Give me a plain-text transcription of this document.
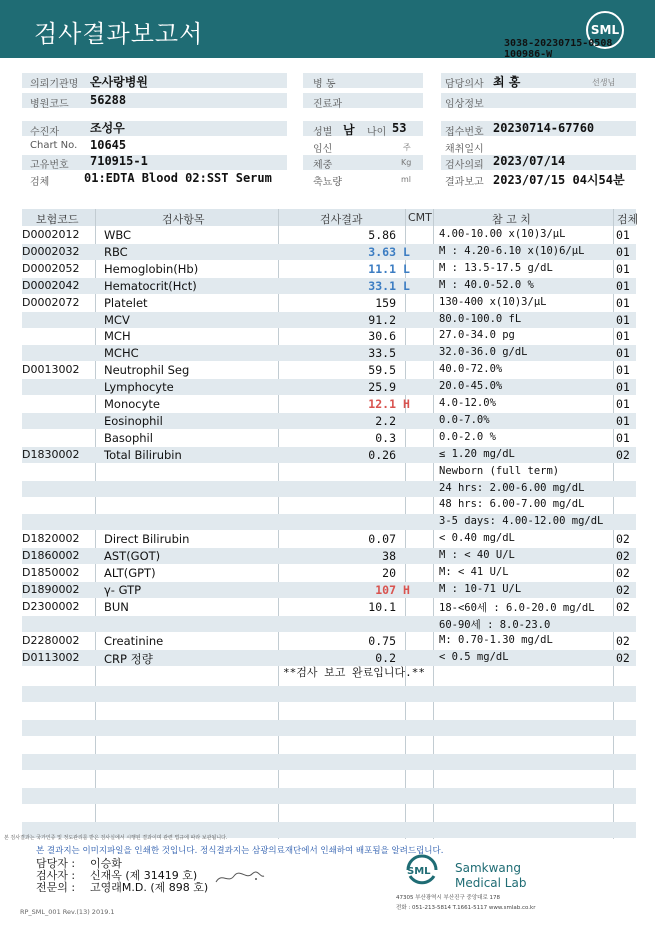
검사결과보고서	SML
3038-20230715-0508
100986-W
의뢰기관명 온사랑병원	병 동	담당의사 최 홍	선생님
병원코드 56288	진료과	임상정보
수진자	조성우	성별 남 나이 53	접수번호 20230714-67760
Chart No. 10645	임신	주	채취일시
고유번호 710915-1	체중	Kg	검사의뢰 2023/07/14
검체	01:EDTA Blood 02:SST Serum	축뇨량	ml	결과보고 2023/07/15 04시54분
보험코드	검사항목	검사결과	CMT	참 고 치	검체
D0002012 WBC	5.86	4.00-10.00 x(10)3/μL	01
D0002032 RBC	3.63 L	M : 4.20-6.10 x(10)6/μL	01
D0002052 Hemoglobin(Hb)	11.1 L	M : 13.5-17.5 g/dL	01
D0002042 Hematocrit(Hct)	33.1 L	M : 40.0-52.0 %	01
D0002072 Platelet	159	130-400 x(10)3/μL	01
MCV	91.2	80.0-100.0 fL	01
MCH	30.6	27.0-34.0 pg	01
MCHC	33.5	32.0-36.0 g/dL	01
D0013002 Neutrophil Seg	59.5	40.0-72.0%	01
Lymphocyte	25.9	20.0-45.0%	01
Monocyte	12.1 H	4.0-12.0%	01
Eosinophil	2.2	0.0-7.0%	01
Basophil	0.3	0.0-2.0 %	01
D1830002 Total Bilirubin	0.26	≤ 1.20 mg/dL	02
Newborn (full term)
24 hrs: 2.00-6.00 mg/dL
48 hrs: 6.00-7.00 mg/dL
3-5 days: 4.00-12.00 mg/dL
D1820002 Direct Bilirubin	0.07	< 0.40 mg/dL	02
D1860002 AST(GOT)	38	M : < 40 U/L	02
D1850002 ALT(GPT)	20	M: < 41 U/L	02
D1890002 γ- GTP	107 H	M : 10-71 U/L	02
D2300002 BUN	10.1	18-<60세 : 6.0-20.0 mg/dL 02
60-90세 : 8.0-23.0
D2280002 Creatinine	0.75	M: 0.70-1.30 mg/dL	02
D0113002 CRP 정량	0.2	< 0.5 mg/dL	02
**검사 보고 완료입니다.**
본 검사결과는 국가인증 및 정도관리를 받은 검사실에서 시행된 결과이며 관련 법규에 따라 보관됩니다.
본 결과지는 이미지파일을 인쇄한 것입니다. 정식결과지는 삼광의료재단에서 인쇄하여 배포됨을 알려드립니다.
담당자 : 이승화
검사자 : 신재옥 (제 31419 호)
전문의 : 고영래M.D. (제 898 호)
SML Samkwang
Medical Lab
47305 부산광역시 부산진구 중앙대로 178
전화 : 051-213-5814 T.1661-5117 www.smlab.co.kr
RP_SML_001 Rev.(13) 2019.1
